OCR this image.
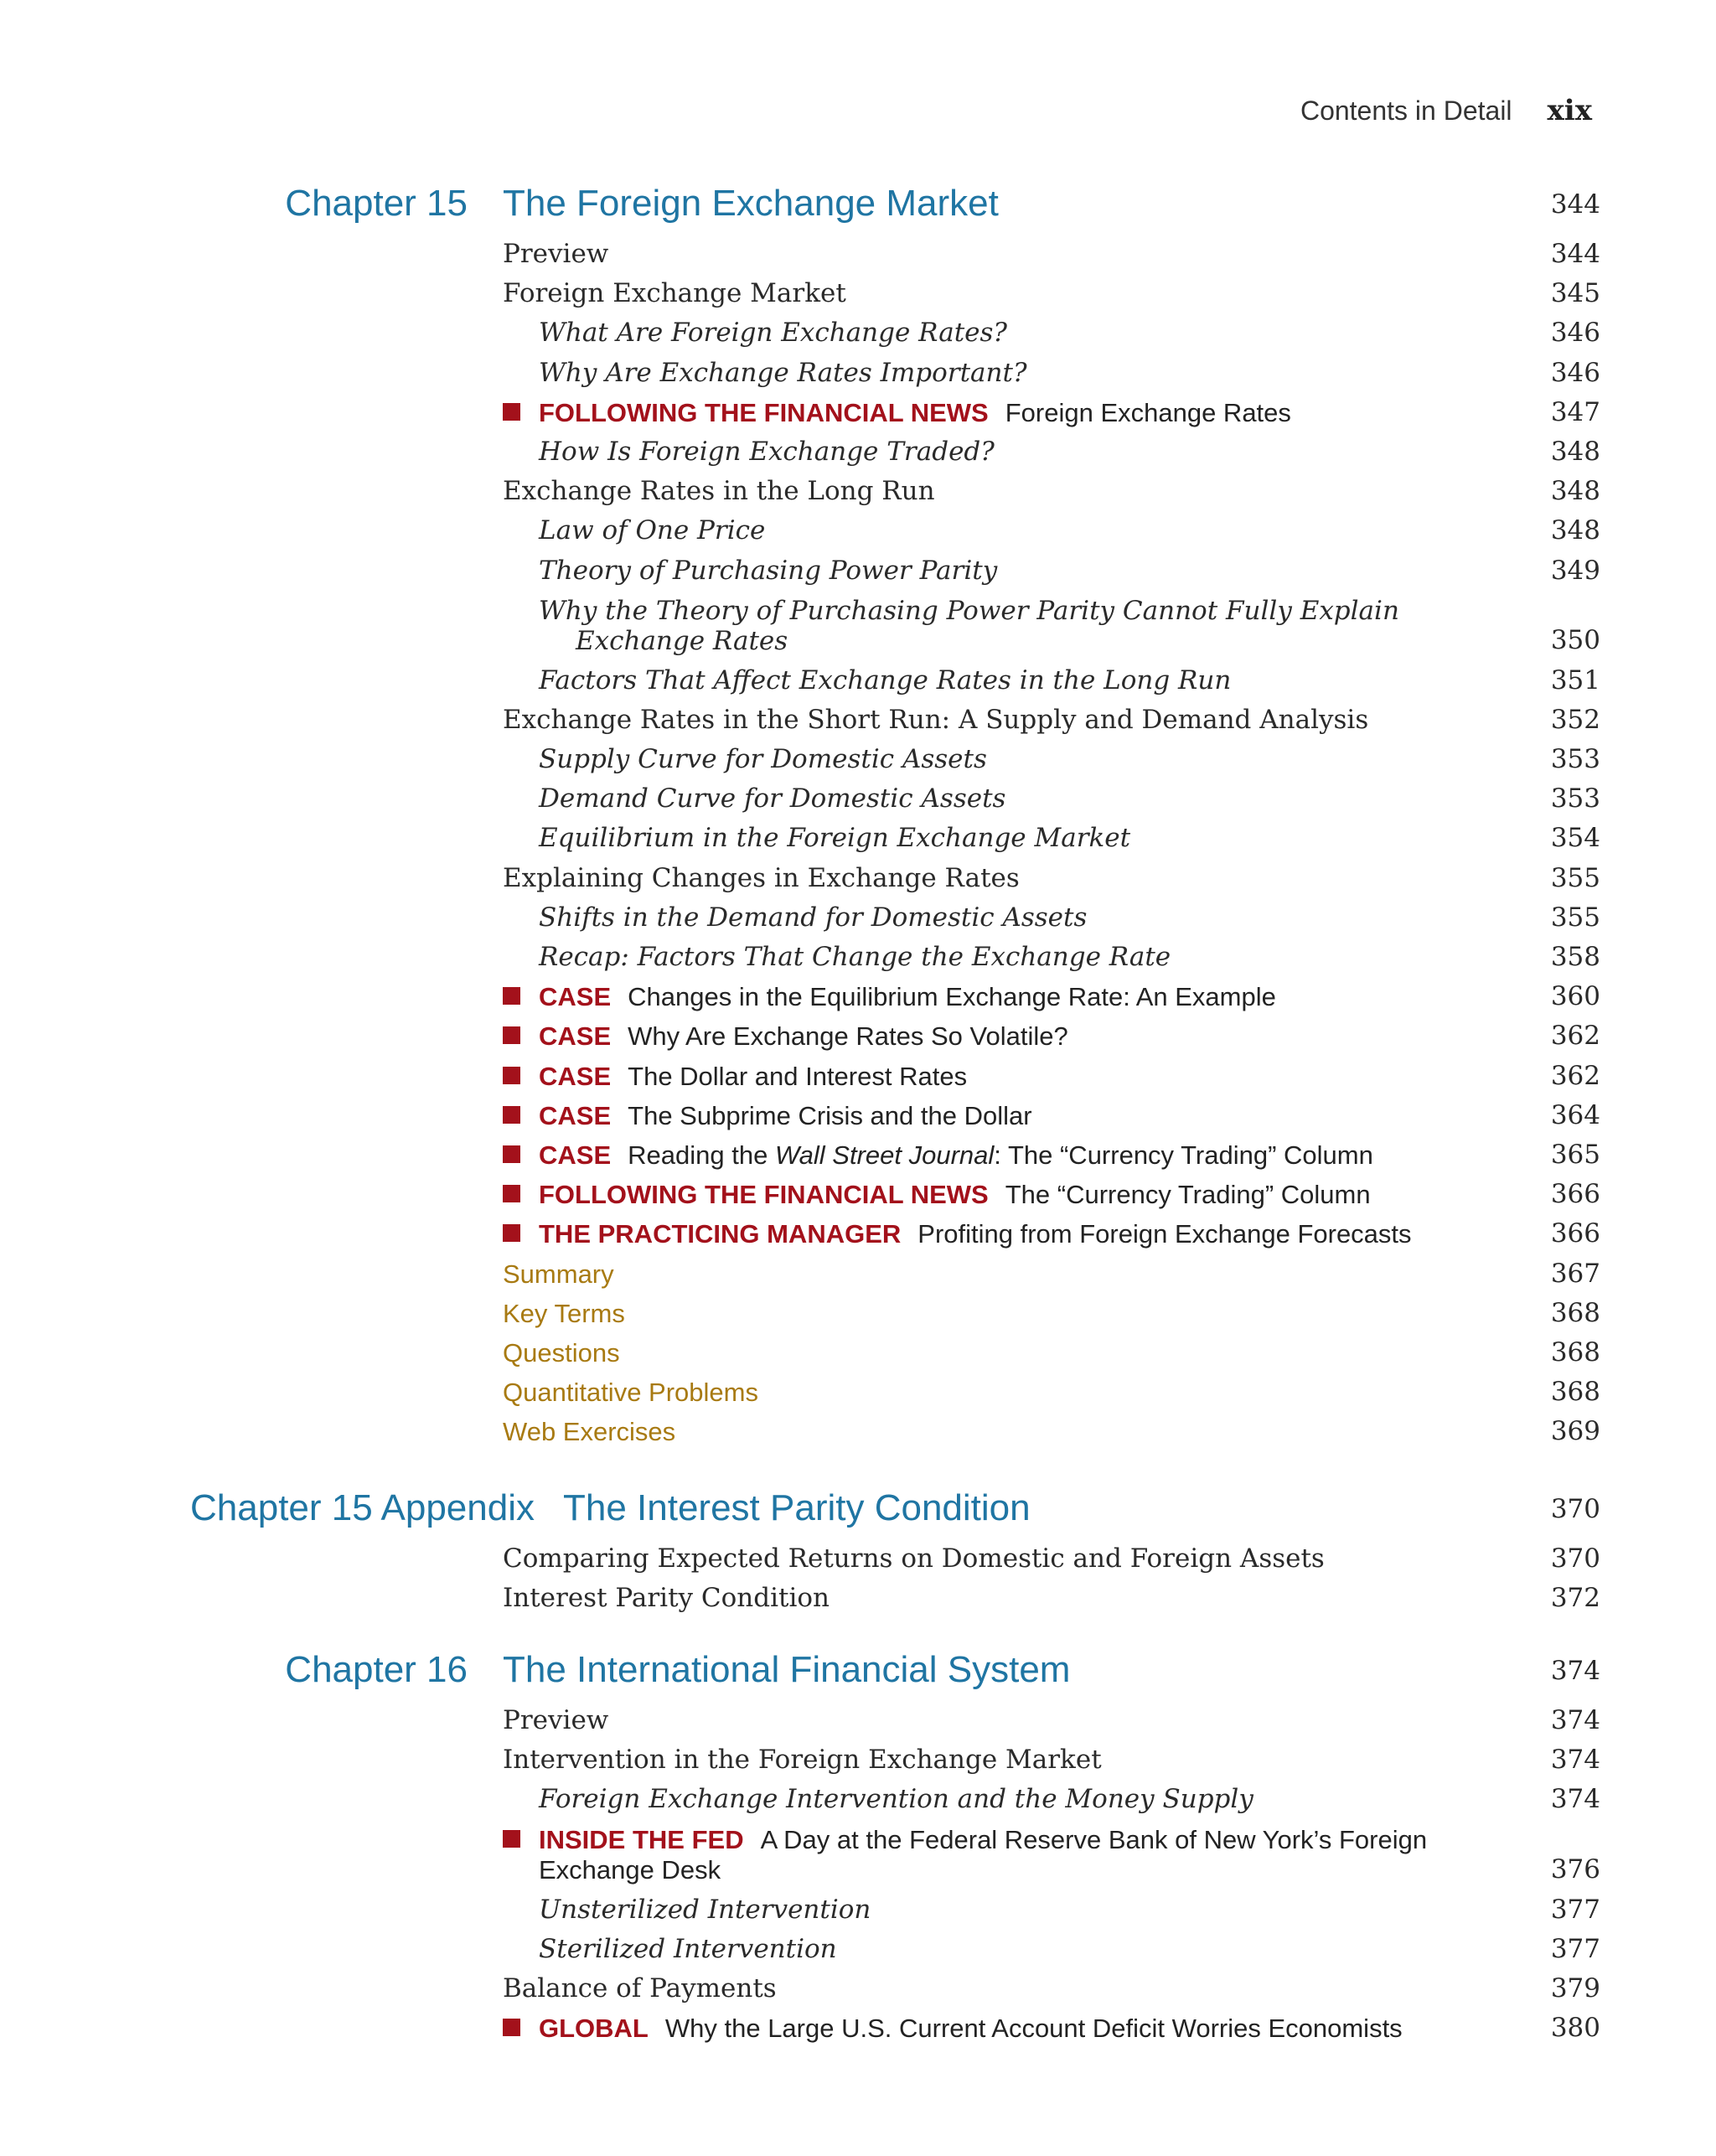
Contents in Detail xix
Chapter 15 The Foreign Exchange Market	344
Preview	344
Foreign Exchange Market	345
What Are Foreign Exchange Rates?	346
Why Are Exchange Rates Important?	346
FOLLOWING THE FINANCIAL NEWS Foreign Exchange Rates	347
How Is Foreign Exchange Traded?	348
Exchange Rates in the Long Run	348
Law of One Price	348
Theory of Purchasing Power Parity	349
Why the Theory of Purchasing Power Parity Cannot Fully Explain
Exchange Rates	350
Factors That Affect Exchange Rates in the Long Run	351
Exchange Rates in the Short Run: A Supply and Demand Analysis	352
Supply Curve for Domestic Assets	353
Demand Curve for Domestic Assets	353
Equilibrium in the Foreign Exchange Market	354
Explaining Changes in Exchange Rates	355
Shifts in the Demand for Domestic Assets	355
Recap: Factors That Change the Exchange Rate	358
CASE Changes in the Equilibrium Exchange Rate: An Example	360
CASE Why Are Exchange Rates So Volatile?	362
CASE The Dollar and Interest Rates	362
CASE The Subprime Crisis and the Dollar	364
CASE Reading the Wall Street Journal: The “Currency Trading” Column	365
FOLLOWING THE FINANCIAL NEWS The “Currency Trading” Column	366
THE PRACTICING MANAGER Profiting from Foreign Exchange Forecasts	366
Summary	367
Key Terms	368
Questions	368
Quantitative Problems	368
Web Exercises	369
Chapter 15 Appendix The Interest Parity Condition	370
Comparing Expected Returns on Domestic and Foreign Assets	370
Interest Parity Condition	372
Chapter 16 The International Financial System	374
Preview	374
Intervention in the Foreign Exchange Market	374
Foreign Exchange Intervention and the Money Supply	374
INSIDE THE FED A Day at the Federal Reserve Bank of New York’s Foreign
Exchange Desk	376
Unsterilized Intervention	377
Sterilized Intervention	377
Balance of Payments	379
GLOBAL Why the Large U.S. Current Account Deficit Worries Economists	380
